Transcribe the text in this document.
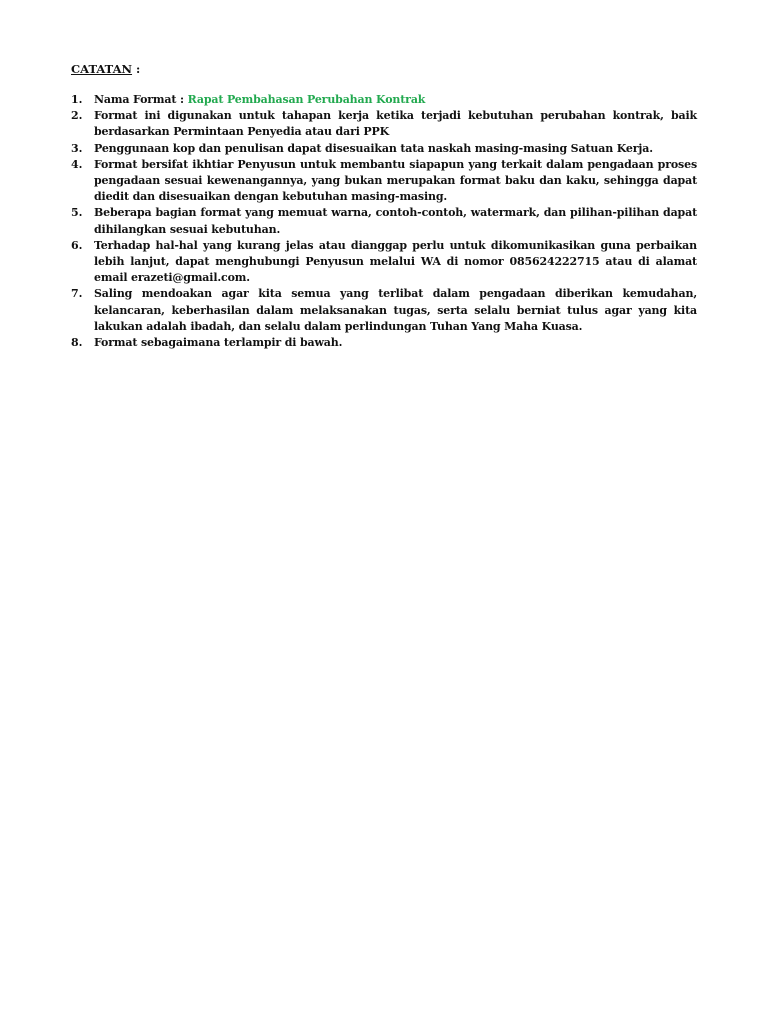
CATATAN :
1.	Nama Format : Rapat Pembahasan Perubahan Kontrak
2.	Format ini digunakan untuk tahapan kerja ketika terjadi kebutuhan perubahan kontrak, baik berdasarkan Permintaan Penyedia atau dari PPK
3.	Penggunaan kop dan penulisan dapat disesuaikan tata naskah masing-masing Satuan Kerja.
4.	Format bersifat ikhtiar Penyusun untuk membantu siapapun yang terkait dalam pengadaan proses pengadaan sesuai kewenangannya, yang bukan merupakan format baku dan kaku, sehingga dapat diedit dan disesuaikan dengan kebutuhan masing-masing.
5.	Beberapa bagian format yang memuat warna, contoh-contoh, watermark, dan pilihan-pilihan dapat dihilangkan sesuai kebutuhan.
6.	Terhadap hal-hal yang kurang jelas atau dianggap perlu untuk dikomunikasikan guna perbaikan lebih lanjut, dapat menghubungi Penyusun melalui WA di nomor 085624222715 atau di alamat email erazeti@gmail.com.
7.	Saling mendoakan agar kita semua yang terlibat dalam pengadaan diberikan kemudahan, kelancaran, keberhasilan dalam melaksanakan tugas, serta selalu berniat tulus agar yang kita lakukan adalah ibadah, dan selalu dalam perlindungan Tuhan Yang Maha Kuasa.
8.	Format sebagaimana terlampir di bawah.
